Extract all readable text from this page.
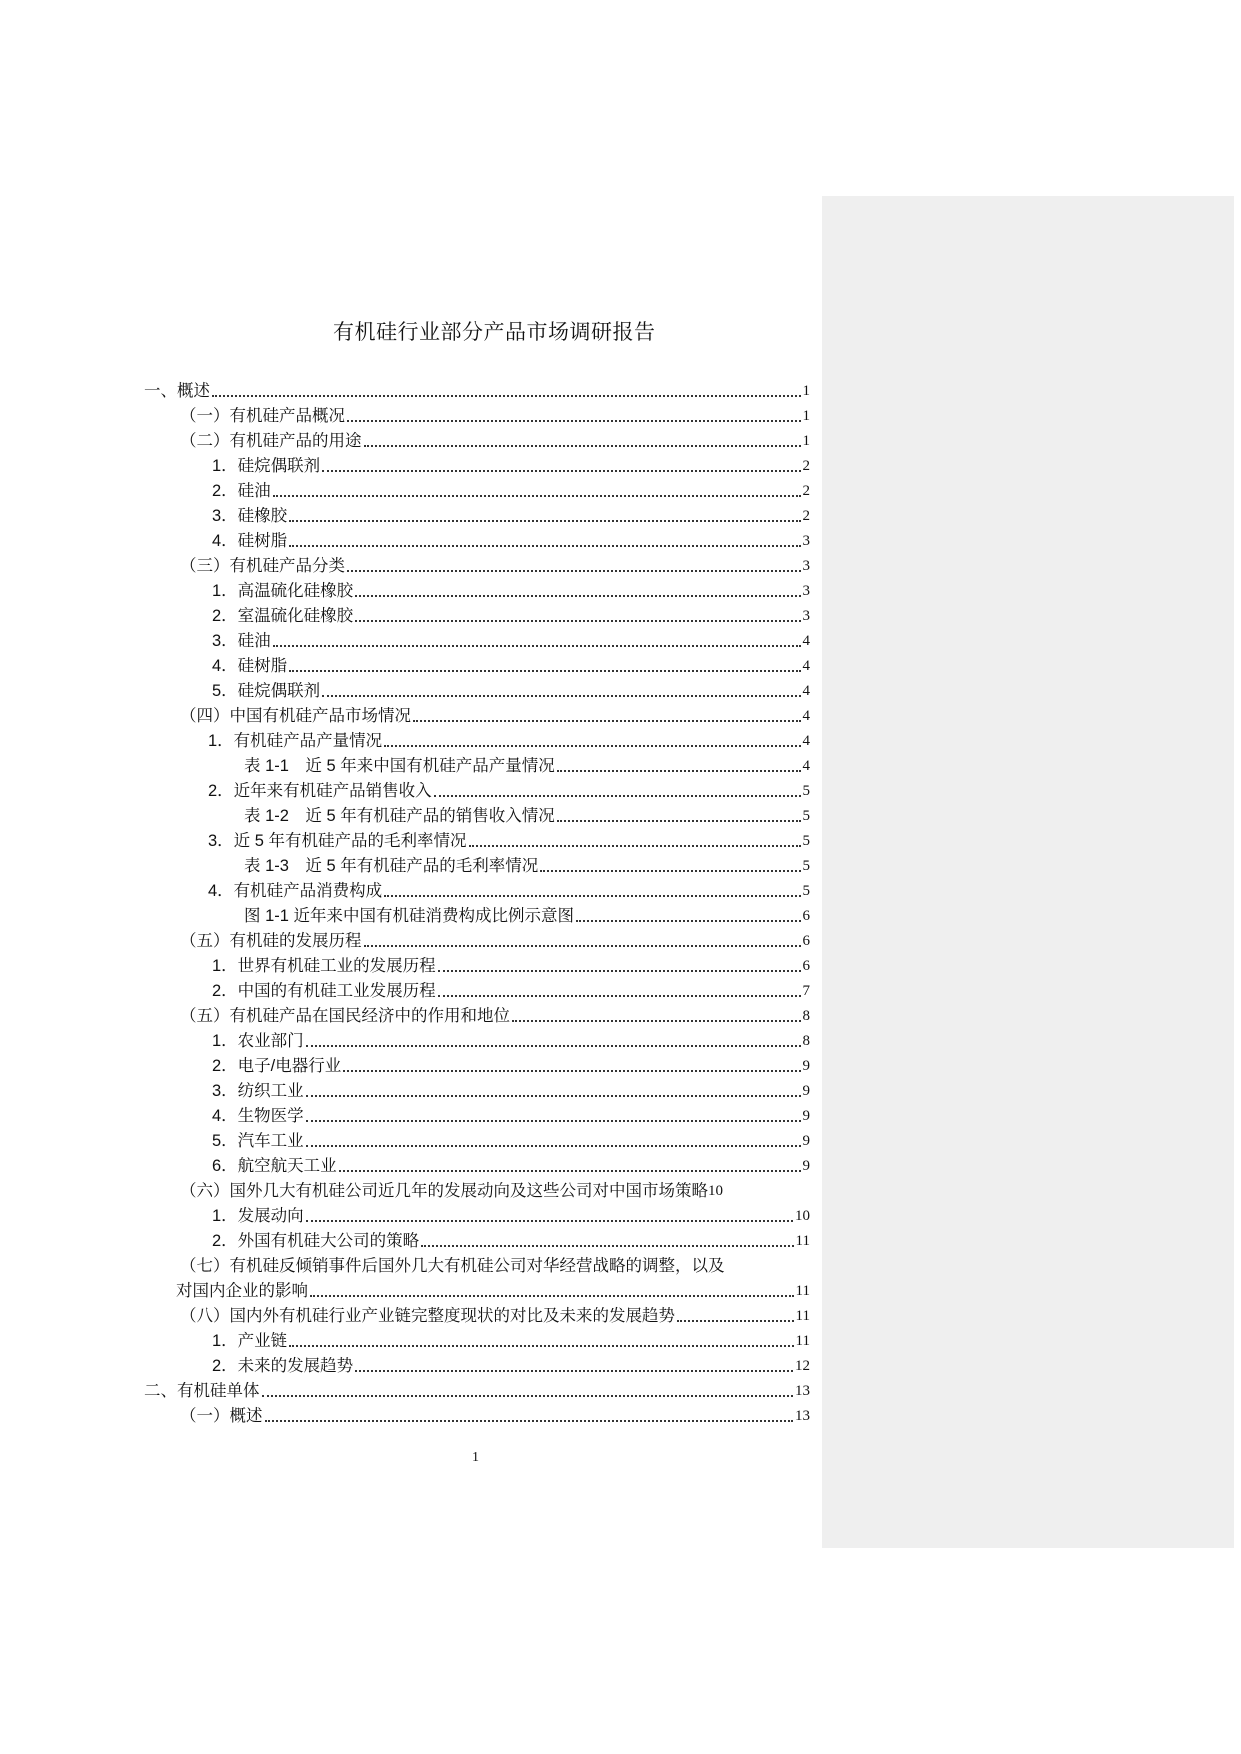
有机硅行业部分产品市场调研报告
一、概述	1
（一）有机硅产品概况	1
（二）有机硅产品的用途	1
1．硅烷偶联剂	2
2．硅油	2
3．硅橡胶	2
4．硅树脂	3
（三）有机硅产品分类	3
1．高温硫化硅橡胶	3
2．室温硫化硅橡胶	3
3．硅油	4
4．硅树脂	4
5．硅烷偶联剂	4
（四）中国有机硅产品市场情况	4
1．有机硅产品产量情况	4
表 1-1　近 5 年来中国有机硅产品产量情况	4
2．近年来有机硅产品销售收入	5
表 1-2　近 5 年有机硅产品的销售收入情况	5
3．近 5 年有机硅产品的毛利率情况	5
表 1-3　近 5 年有机硅产品的毛利率情况	5
4．有机硅产品消费构成	5
图 1-1 近年来中国有机硅消费构成比例示意图	6
（五）有机硅的发展历程	6
1．世界有机硅工业的发展历程	6
2．中国的有机硅工业发展历程	7
（五）有机硅产品在国民经济中的作用和地位	8
1．农业部门	8
2．电子/电器行业	9
3．纺织工业	9
4．生物医学	9
5．汽车工业	9
6．航空航天工业	9
（六）国外几大有机硅公司近几年的发展动向及这些公司对中国市场策略 10
1．发展动向	10
2．外国有机硅大公司的策略	11
（七）有机硅反倾销事件后国外几大有机硅公司对华经营战略的调整，以及
对国内企业的影响	11
（八）国内外有机硅行业产业链完整度现状的对比及未来的发展趋势	11
1．产业链	11
2．未来的发展趋势	12
二、有机硅单体	13
（一）概述	13
1
